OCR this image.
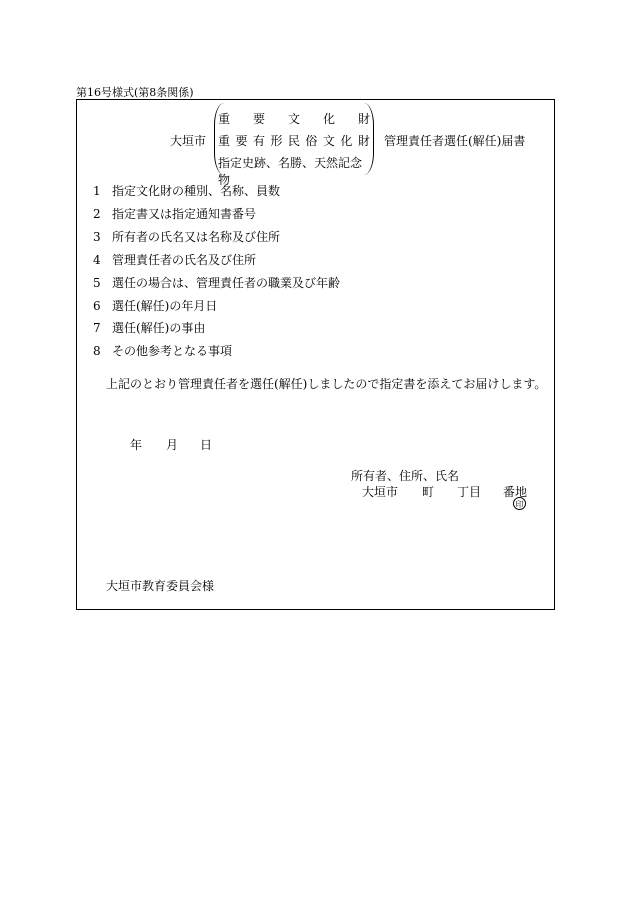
第16号様式(第8条関係)
大垣市
重 要 文 化 財
重 要 有 形 民 俗 文 化 財
指定史跡、名勝、天然記念物
管理責任者選任(解任)届書
1 指定文化財の種別、名称、員数
2 指定書又は指定通知書番号
3 所有者の氏名又は名称及び住所
4 管理責任者の氏名及び住所
5 選任の場合は、管理責任者の職業及び年齢
6 選任(解任)の年月日
7 選任(解任)の事由
8 その他参考となる事項
上記のとおり管理責任者を選任(解任)しましたので指定書を添えてお届けします。
年 月 日
所有者、住所、氏名
大垣市 町 丁目 番地
印
大垣市教育委員会様
